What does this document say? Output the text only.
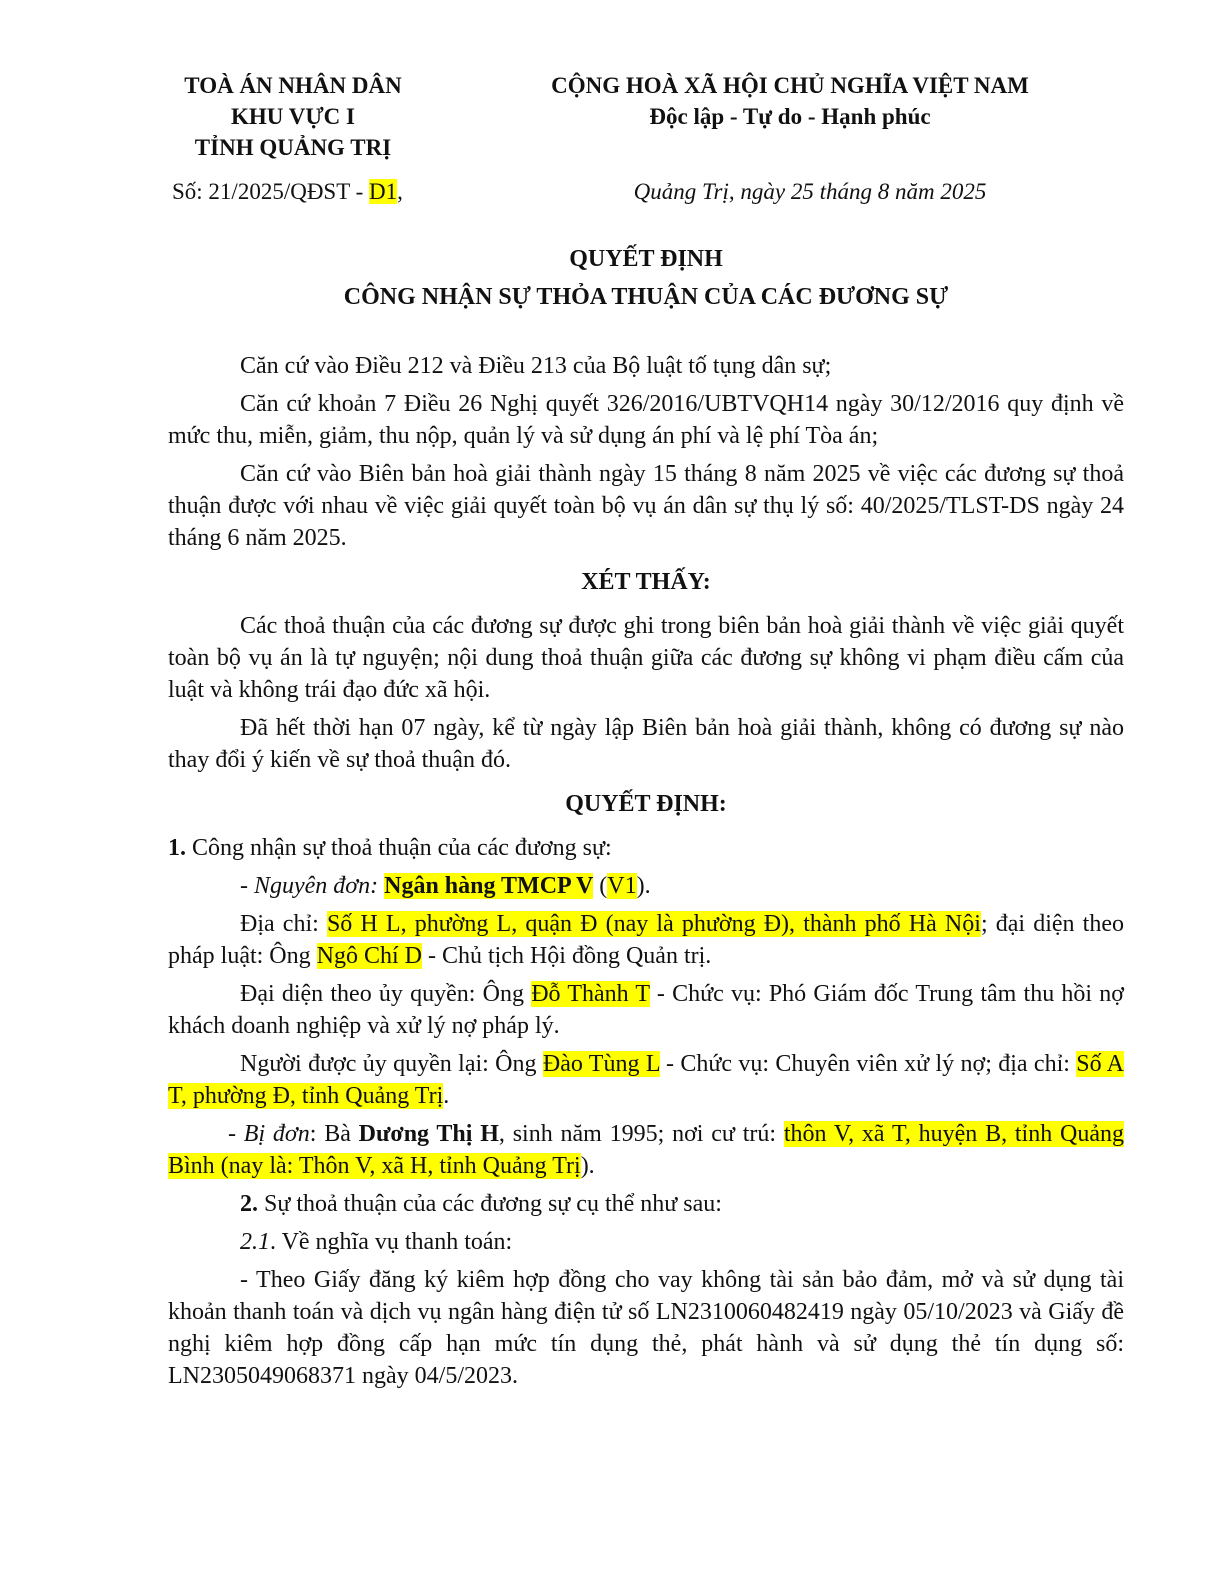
TOÀ ÁN NHÂN DÂN
KHU VỰC I
TỈNH QUẢNG TRỊ
CỘNG HOÀ XÃ HỘI CHỦ NGHĨA VIỆT NAM
Độc lập - Tự do - Hạnh phúc
Số: 21/2025/QĐST - D1,	Quảng Trị, ngày 25 tháng 8 năm 2025
QUYẾT ĐỊNH
CÔNG NHẬN SỰ THỎA THUẬN CỦA CÁC ĐƯƠNG SỰ

Căn cứ vào Điều 212 và Điều 213 của Bộ luật tố tụng dân sự;

Căn cứ khoản 7 Điều 26 Nghị quyết 326/2016/UBTVQH14 ngày 30/12/2016 quy định về mức thu, miễn, giảm, thu nộp, quản lý và sử dụng án phí và lệ phí Tòa án;

Căn cứ vào Biên bản hoà giải thành ngày 15 tháng 8 năm 2025 về việc các đương sự thoả thuận được với nhau về việc giải quyết toàn bộ vụ án dân sự thụ lý số: 40/2025/TLST-DS ngày 24 tháng 6 năm 2025.

XÉT THẤY:

Các thoả thuận của các đương sự được ghi trong biên bản hoà giải thành về việc giải quyết toàn bộ vụ án là tự nguyện; nội dung thoả thuận giữa các đương sự không vi phạm điều cấm của luật và không trái đạo đức xã hội.

Đã hết thời hạn 07 ngày, kể từ ngày lập Biên bản hoà giải thành, không có đương sự nào thay đổi ý kiến về sự thoả thuận đó.

QUYẾT ĐỊNH:

1. Công nhận sự thoả thuận của các đương sự:

- Nguyên đơn: Ngân hàng TMCP V (V1).

Địa chỉ: Số H L, phường L, quận Đ (nay là phường Đ), thành phố Hà Nội; đại diện theo pháp luật: Ông Ngô Chí D - Chủ tịch Hội đồng Quản trị.

Đại diện theo ủy quyền: Ông Đỗ Thành T - Chức vụ: Phó Giám đốc Trung tâm thu hồi nợ khách doanh nghiệp và xử lý nợ pháp lý.

Người được ủy quyền lại: Ông Đào Tùng L - Chức vụ: Chuyên viên xử lý nợ; địa chỉ: Số A T, phường Đ, tỉnh Quảng Trị.

- Bị đơn: Bà Dương Thị H, sinh năm 1995; nơi cư trú: thôn V, xã T, huyện B, tỉnh Quảng Bình (nay là: Thôn V, xã H, tỉnh Quảng Trị).

2. Sự thoả thuận của các đương sự cụ thể như sau:

2.1. Về nghĩa vụ thanh toán:

- Theo Giấy đăng ký kiêm hợp đồng cho vay không tài sản bảo đảm, mở và sử dụng tài khoản thanh toán và dịch vụ ngân hàng điện tử số LN2310060482419 ngày 05/10/2023 và Giấy đề nghị kiêm hợp đồng cấp hạn mức tín dụng thẻ, phát hành và sử dụng thẻ tín dụng số: LN2305049068371 ngày 04/5/2023.
